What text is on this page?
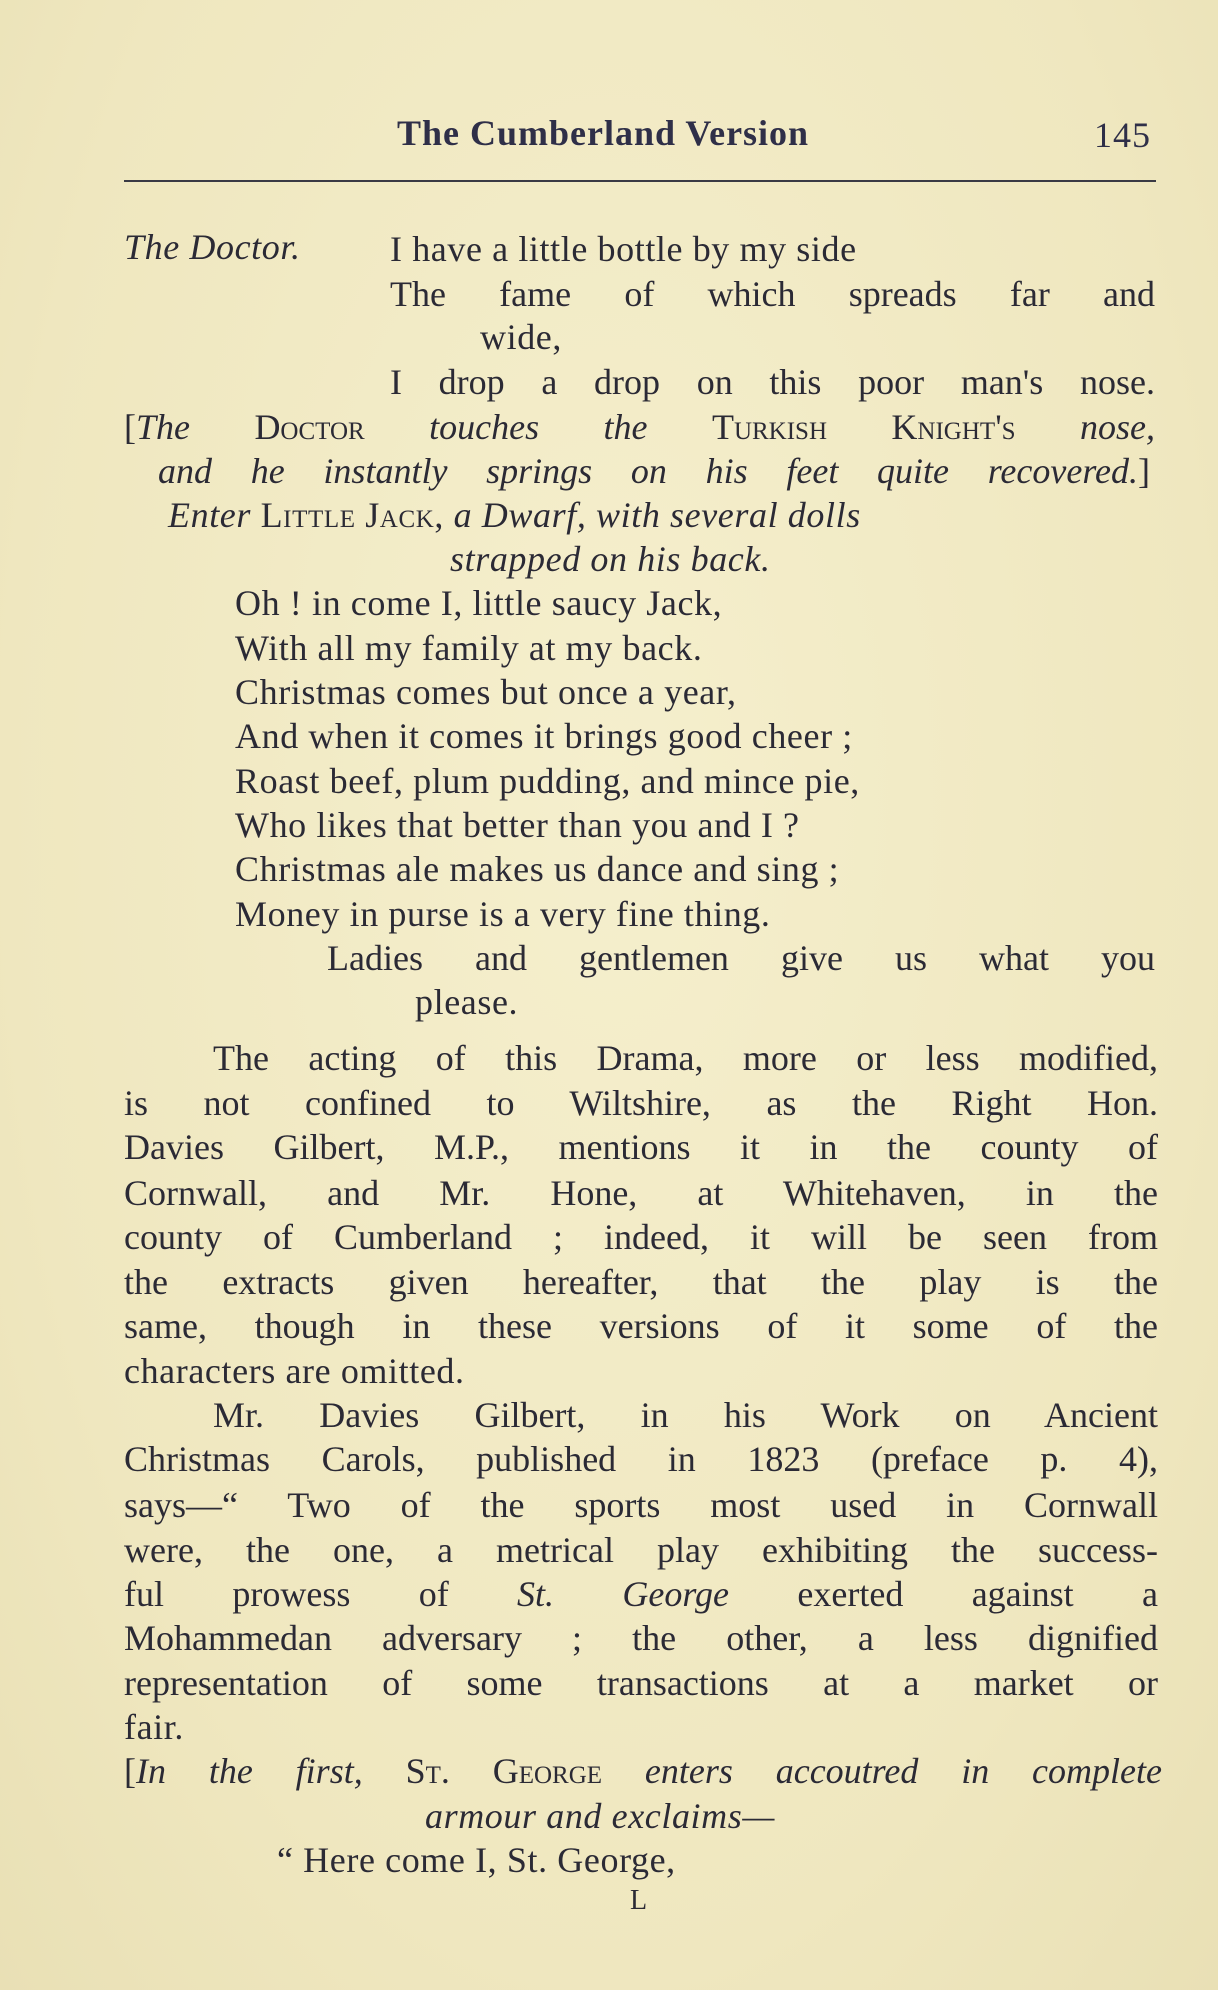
The Cumberland Version	145
The Doctor. I have a little bottle by my side
The fame of which spreads far and
wide,
I drop a drop on this poor man's nose.
[The Doctor touches the Turkish Knight's nose,
and he instantly springs on his feet quite recovered.]
Enter Little Jack, a Dwarf, with several dolls
strapped on his back.
Oh ! in come I, little saucy Jack,
With all my family at my back.
Christmas comes but once a year,
And when it comes it brings good cheer ;
Roast beef, plum pudding, and mince pie,
Who likes that better than you and I ?
Christmas ale makes us dance and sing ;
Money in purse is a very fine thing.
Ladies and gentlemen give us what you
please.
The acting of this Drama, more or less modified,
is not confined to Wiltshire, as the Right Hon.
Davies Gilbert, M.P., mentions it in the county of
Cornwall, and Mr. Hone, at Whitehaven, in the
county of Cumberland ; indeed, it will be seen from
the extracts given hereafter, that the play is the
same, though in these versions of it some of the
characters are omitted.
Mr. Davies Gilbert, in his Work on Ancient
Christmas Carols, published in 1823 (preface p. 4),
says—“ Two of the sports most used in Cornwall
were, the one, a metrical play exhibiting the success-
ful prowess of St. George exerted against a
Mohammedan adversary ; the other, a less dignified
representation of some transactions at a market or
fair.
[In the first, St. George enters accoutred in complete
armour and exclaims—
“ Here come I, St. George,
L
